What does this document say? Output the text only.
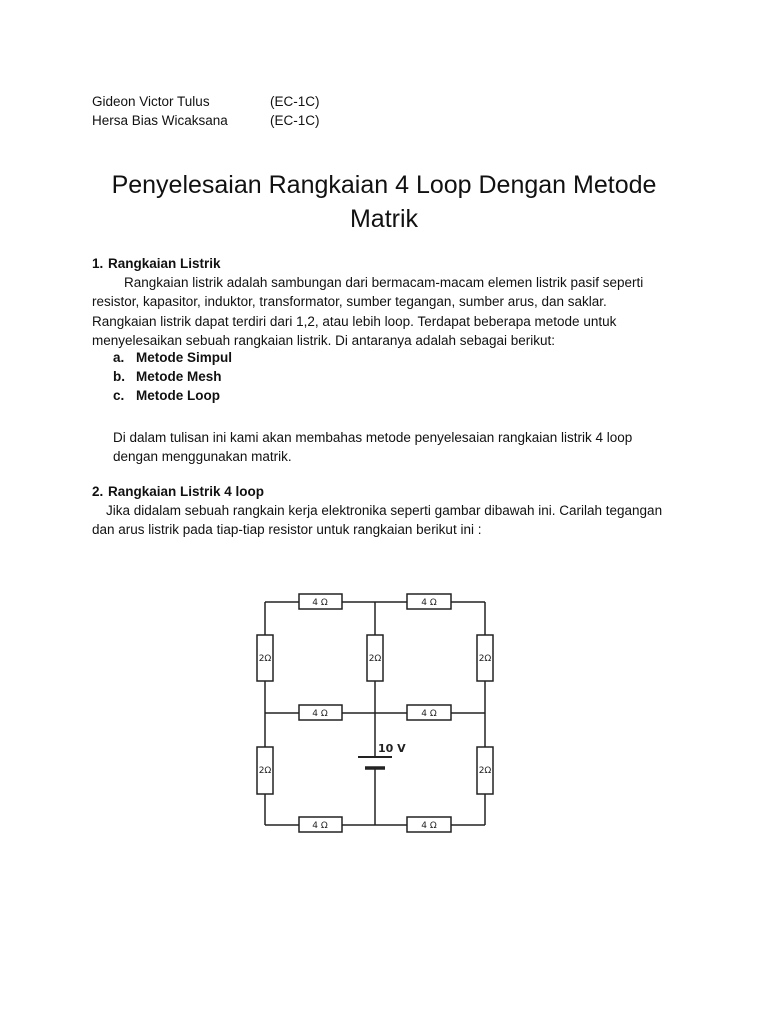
Gideon Victor Tulus	(EC-1C)
Hersa Bias Wicaksana	(EC-1C)
Penyelesaian Rangkaian 4 Loop Dengan Metode
Matrik
1. Rangkaian Listrik
Rangkaian listrik adalah sambungan dari bermacam-macam elemen listrik pasif seperti
resistor, kapasitor, induktor, transformator, sumber tegangan, sumber arus, dan saklar.
Rangkaian listrik dapat terdiri dari 1,2, atau lebih loop. Terdapat beberapa metode untuk
menyelesaikan sebuah rangkaian listrik. Di antaranya adalah sebagai berikut:
a. Metode Simpul
b. Metode Mesh
c. Metode Loop
Di dalam tulisan ini kami akan membahas metode penyelesaian rangkaian listrik 4 loop
dengan menggunakan matrik.
2. Rangkaian Listrik 4 loop
Jika didalam sebuah rangkain kerja elektronika seperti gambar dibawah ini. Carilah tegangan
dan arus listrik pada tiap-tiap resistor untuk rangkaian berikut ini :
4 Ω	4 Ω
4 Ω	4 Ω
4 Ω	4 Ω
2Ω	2Ω	2Ω
2Ω	2Ω
10 V
